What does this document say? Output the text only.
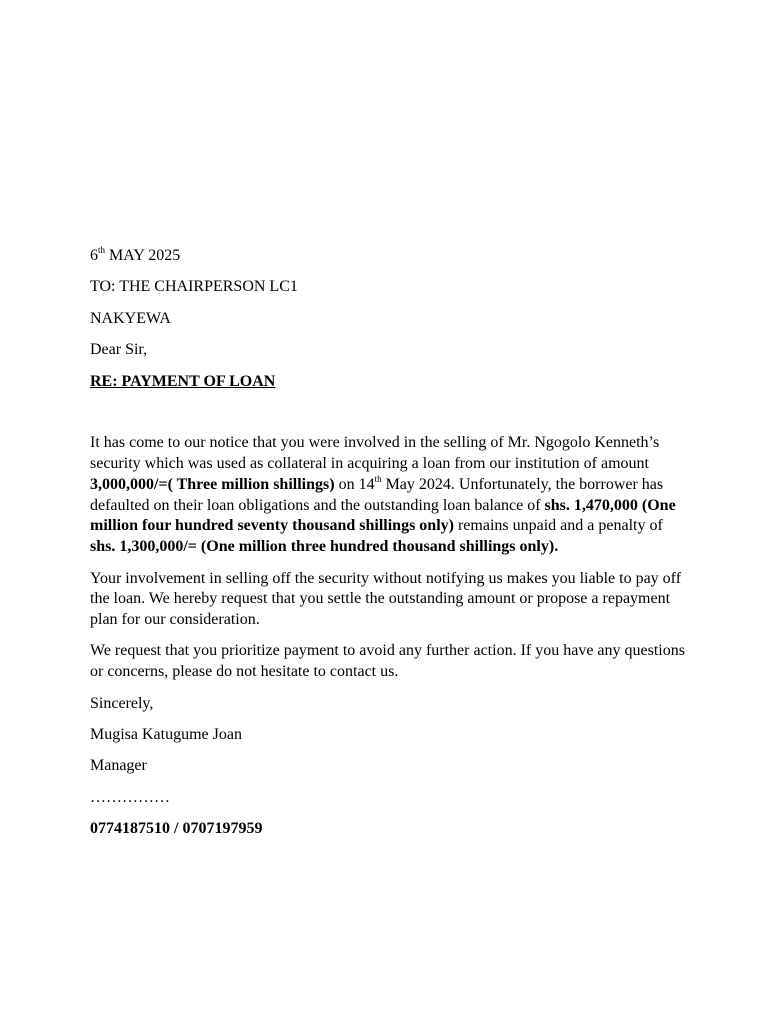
6th MAY 2025
TO: THE CHAIRPERSON LC1
NAKYEWA
Dear Sir,
RE: PAYMENT OF LOAN

It has come to our notice that you were involved in the selling of Mr. Ngogolo Kenneth’s security which was used as collateral in acquiring a loan from our institution of amount 3,000,000/=( Three million shillings) on 14th May 2024. Unfortunately, the borrower has defaulted on their loan obligations and the outstanding loan balance of shs. 1,470,000 (One million four hundred seventy thousand shillings only) remains unpaid and a penalty of shs. 1,300,000/= (One million three hundred thousand shillings only).

Your involvement in selling off the security without notifying us makes you liable to pay off the loan. We hereby request that you settle the outstanding amount or propose a repayment plan for our consideration.

We request that you prioritize payment to avoid any further action. If you have any questions or concerns, please do not hesitate to contact us.

Sincerely,
Mugisa Katugume Joan
Manager
……………
0774187510 / 0707197959
